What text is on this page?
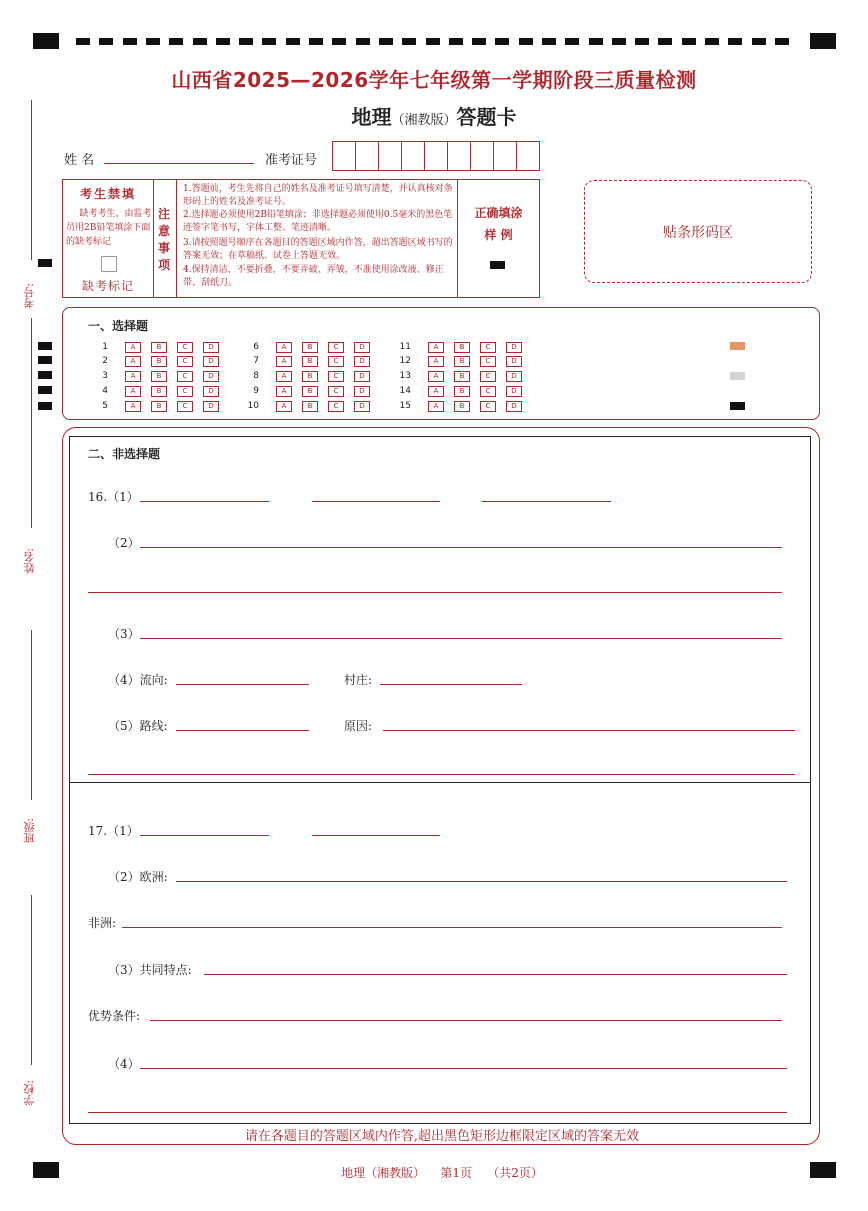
山西省2025—2026学年七年级第一学期阶段三质量检测
地理（湘教版）答题卡
考号:
姓名:
班级:
学校:
姓 名	准考证号
考生禁填
缺考考生，由监考员用2B铅笔填涂下面的缺考标记
缺考标记
注意事项
1.答题前，考生先将自己的姓名及准考证号填写清楚，并认真核对条形码上的姓名及准考证号。
2.选择题必须使用2B铅笔填涂；非选择题必须使用0.5毫米的黑色笔迹签字笔书写，字体工整、笔迹清晰。
3.请按照题号顺序在各题目的答题区域内作答，超出答题区域书写的答案无效；在草稿纸、试卷上答题无效。
4.保持清洁，不要折叠，不要弄破、弄皱，不准使用涂改液、修正带、刮纸刀。
正确填涂
样 例	贴条形码区
一、选择题
1	A	B	C	D
2	A	B	C	D
3	A	B	C	D
4	A	B	C	D
5	A	B	C	D
6	A	B	C	D
7	A	B	C	D
8	A	B	C	D
9	A	B	C	D
10	A	B	C	D
11	A	B	C	D
12	A	B	C	D
13	A	B	C	D
14	A	B	C	D
15	A	B	C	D
二、非选择题
16.（1）
（2）
（3）
（4）流向:	村庄:
（5）路线:	原因:
17.（1）
（2）欧洲:
非洲:
（3）共同特点:
优势条件:
（4）
请在各题目的答题区域内作答,超出黑色矩形边框限定区域的答案无效
地理（湘教版） 第1页 （共2页）
